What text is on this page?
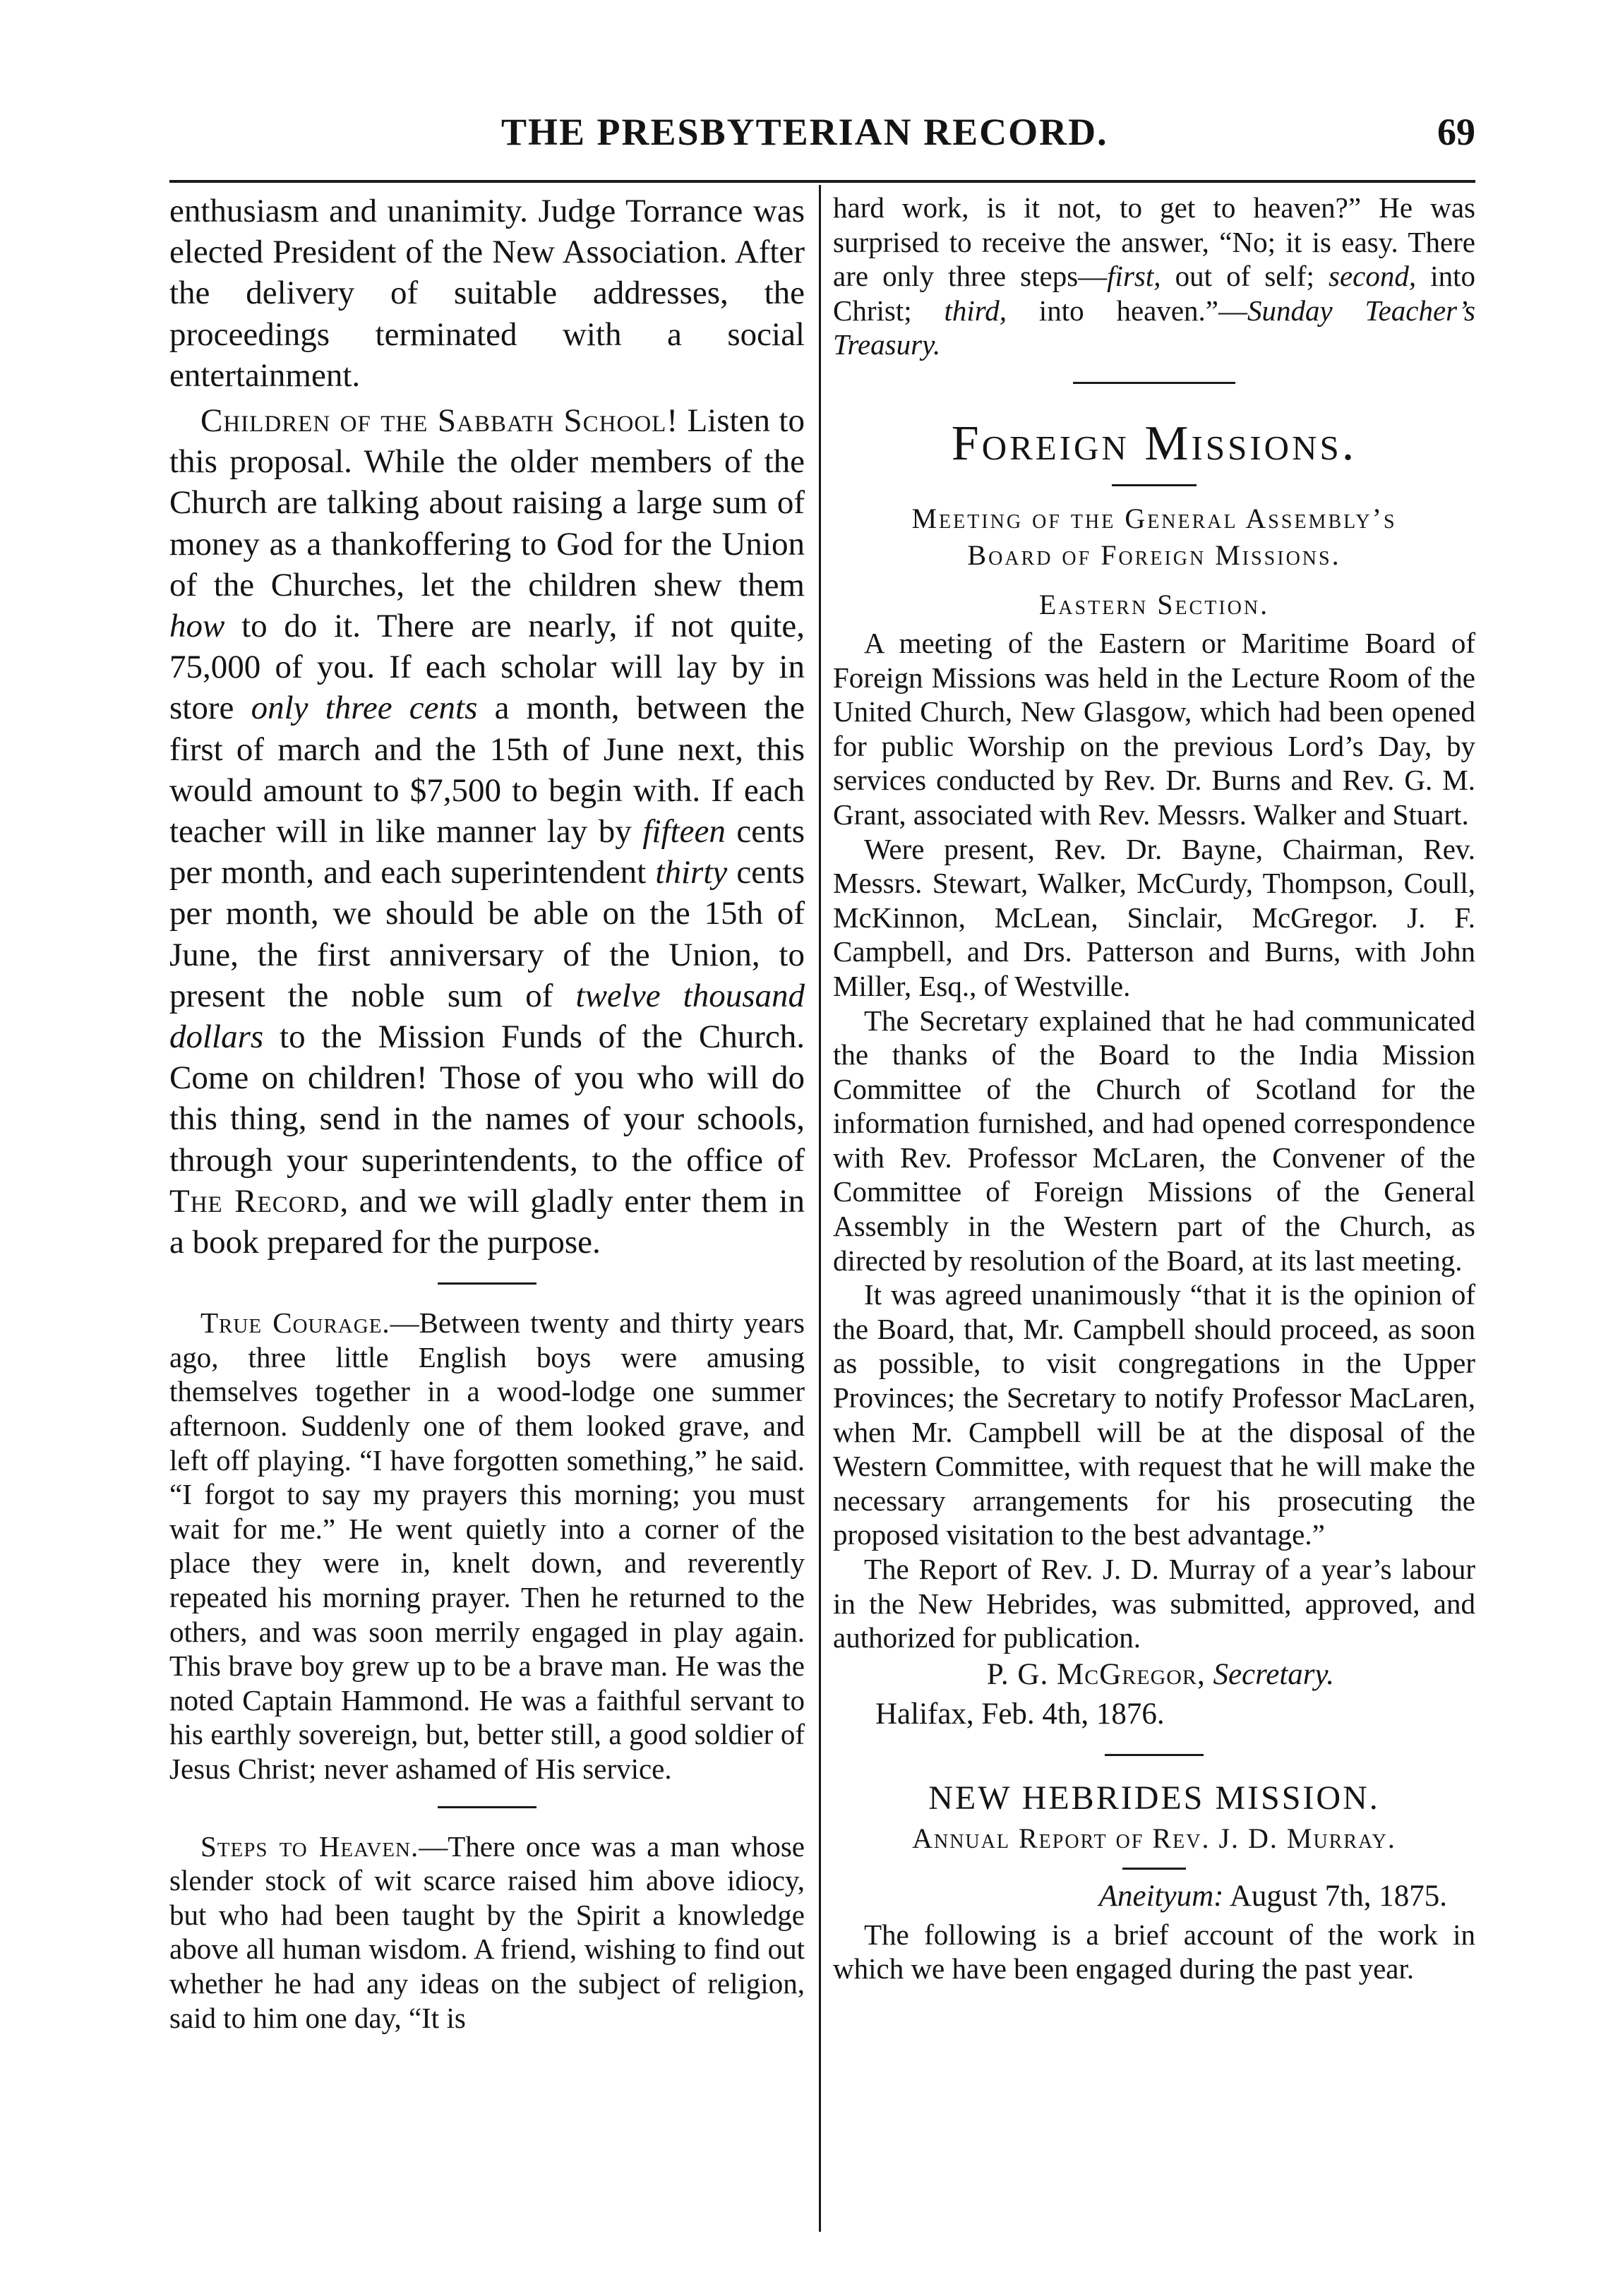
THE PRESBYTERIAN RECORD.	69

enthusiasm and unanimity. Judge Torrance was elected President of the New Association. After the delivery of suitable addresses, the proceedings terminated with a social entertainment.

Children of the Sabbath School! Listen to this proposal. While the older members of the Church are talking about raising a large sum of money as a thankoffering to God for the Union of the Churches, let the children shew them how to do it. There are nearly, if not quite, 75,000 of you. If each scholar will lay by in store only three cents a month, between the first of march and the 15th of June next, this would amount to $7,500 to begin with. If each teacher will in like manner lay by fifteen cents per month, and each superintendent thirty cents per month, we should be able on the 15th of June, the first anniversary of the Union, to present the noble sum of twelve thousand dollars to the Mission Funds of the Church. Come on children! Those of you who will do this thing, send in the names of your schools, through your superintendents, to the office of The Record, and we will gladly enter them in a book prepared for the purpose.

True Courage.—Between twenty and thirty years ago, three little English boys were amusing themselves together in a wood-lodge one summer afternoon. Suddenly one of them looked grave, and left off playing. “I have forgotten something,” he said. “I forgot to say my prayers this morning; you must wait for me.” He went quietly into a corner of the place they were in, knelt down, and reverently repeated his morning prayer. Then he returned to the others, and was soon merrily engaged in play again. This brave boy grew up to be a brave man. He was the noted Captain Hammond. He was a faithful servant to his earthly sovereign, but, better still, a good soldier of Jesus Christ; never ashamed of His service.

Steps to Heaven.—There once was a man whose slender stock of wit scarce raised him above idiocy, but who had been taught by the Spirit a knowledge above all human wisdom. A friend, wishing to find out whether he had any ideas on the subject of religion, said to him one day, “It is

hard work, is it not, to get to heaven?” He was surprised to receive the answer, “No; it is easy. There are only three steps—first, out of self; second, into Christ; third, into heaven.”—Sunday Teacher’s Treasury.

Foreign Missions.

Meeting of the General Assembly’s
Board of Foreign Missions.
Eastern Section.

A meeting of the Eastern or Maritime Board of Foreign Missions was held in the Lecture Room of the United Church, New Glasgow, which had been opened for public Worship on the previous Lord’s Day, by services conducted by Rev. Dr. Burns and Rev. G. M. Grant, associated with Rev. Messrs. Walker and Stuart.

Were present, Rev. Dr. Bayne, Chairman, Rev. Messrs. Stewart, Walker, McCurdy, Thompson, Coull, McKinnon, McLean, Sinclair, McGregor. J. F. Campbell, and Drs. Patterson and Burns, with John Miller, Esq., of Westville.

The Secretary explained that he had communicated the thanks of the Board to the India Mission Committee of the Church of Scotland for the information furnished, and had opened correspondence with Rev. Professor McLaren, the Convener of the Committee of Foreign Missions of the General Assembly in the Western part of the Church, as directed by resolution of the Board, at its last meeting.

It was agreed unanimously “that it is the opinion of the Board, that, Mr. Campbell should proceed, as soon as possible, to visit congregations in the Upper Provinces; the Secretary to notify Professor MacLaren, when Mr. Campbell will be at the disposal of the Western Committee, with request that he will make the necessary arrangements for his prosecuting the proposed visitation to the best advantage.”

The Report of Rev. J. D. Murray of a year’s labour in the New Hebrides, was submitted, approved, and authorized for publication.

P. G. McGregor, Secretary.
Halifax, Feb. 4th, 1876.
NEW HEBRIDES MISSION.
Annual Report of Rev. J. D. Murray.
Aneityum: August 7th, 1875.

The following is a brief account of the work in which we have been engaged during the past year.
